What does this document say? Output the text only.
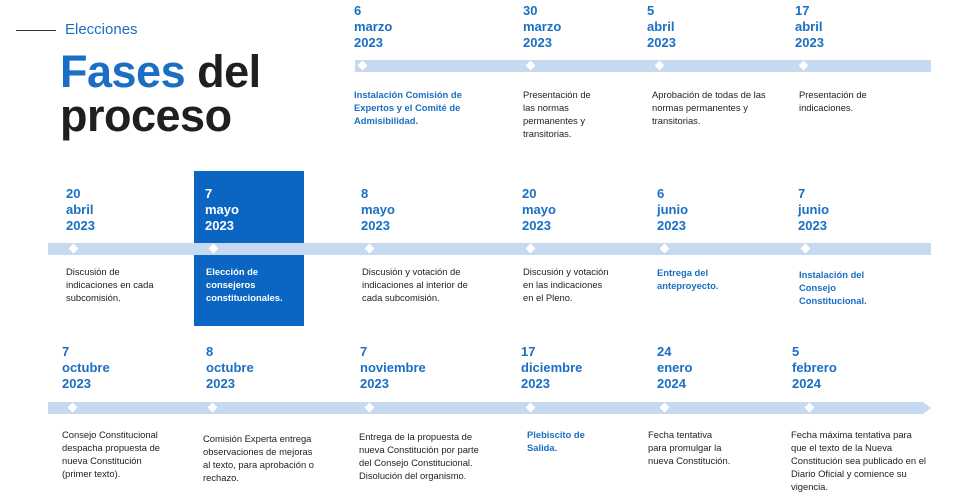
Elecciones
Fases del
proceso
6
marzo
2023
Instalación Comisión de Expertos y el Comité de Admisibilidad.
30
marzo
2023
Presentación de las normas permanentes y transitorias.
5
abril
2023
Aprobación de todas de las normas permanentes y transitorias.
17
abril
2023
Presentación de indicaciones.
20
abril
2023
Discusión de indicaciones en cada subcomisión.
7
mayo
2023
Elección de consejeros constitucionales.
8
mayo
2023
Discusión y votación de indicaciones al interior de cada subcomisión.
20
mayo
2023
Discusión y votación en las indicaciones en el Pleno.
6
junio
2023
Entrega del anteproyecto.
7
junio
2023
Instalación del Consejo Constitucional.
7
octubre
2023
Consejo Constitucional despacha propuesta de nueva Constitución (primer texto).
8
octubre
2023
Comisión Experta entrega observaciones de mejoras al texto, para aprobación o rechazo.
7
noviembre
2023
Entrega de la propuesta de nueva Constitución por parte del Consejo Constitucional. Disolución del organismo.
17
diciembre
2023
Plebiscito de Salida.
24
enero
2024
Fecha tentativa para promulgar la nueva Constitución.
5
febrero
2024
Fecha máxima tentativa para que el texto de la Nueva Constitución sea publicado en el Diario Oficial y comience su vigencia.
